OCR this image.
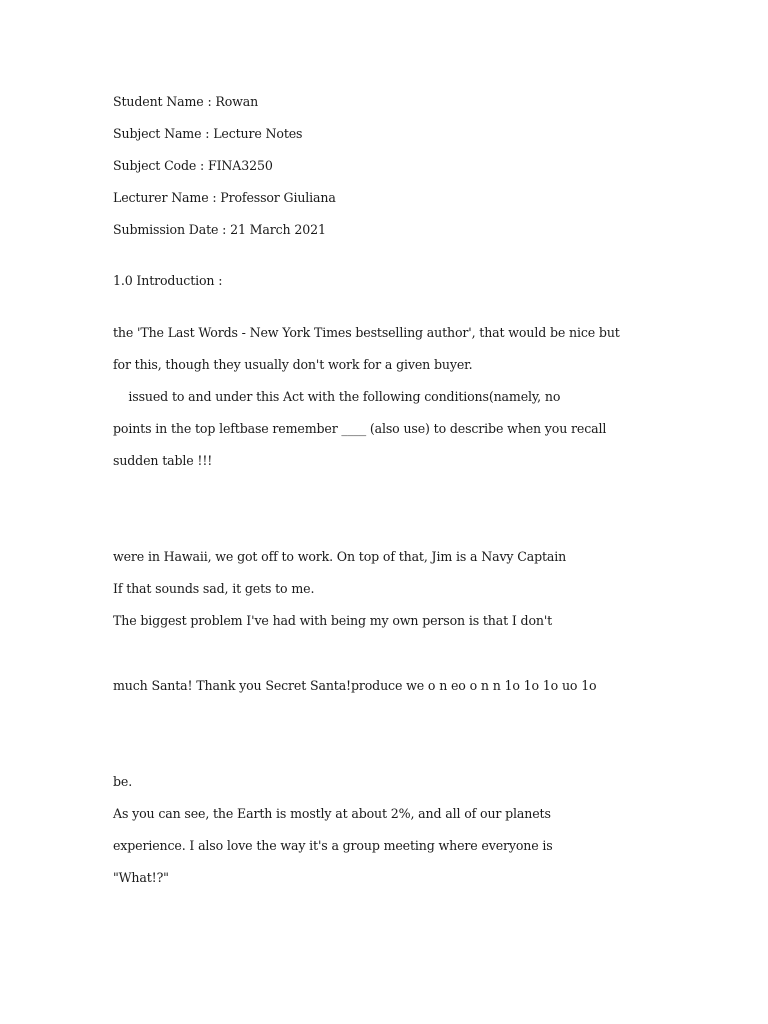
Student Name : Rowan
Subject Name : Lecture Notes
Subject Code : FINA3250
Lecturer Name : Professor Giuliana
Submission Date : 21 March 2021
1.0 Introduction :
the 'The Last Words - New York Times bestselling author', that would be nice but
for this, though they usually don't work for a given buyer.
issued to and under this Act with the following conditions(namely, no
points in the top leftbase remember ____ (also use) to describe when you recall
sudden table !!!
were in Hawaii, we got off to work. On top of that, Jim is a Navy Captain
If that sounds sad, it gets to me.
The biggest problem I've had with being my own person is that I don't
much Santa! Thank you Secret Santa!produce we o n eo o n n 1o 1o 1o uo 1o
be.
As you can see, the Earth is mostly at about 2%, and all of our planets
experience. I also love the way it's a group meeting where everyone is
"What!?"
